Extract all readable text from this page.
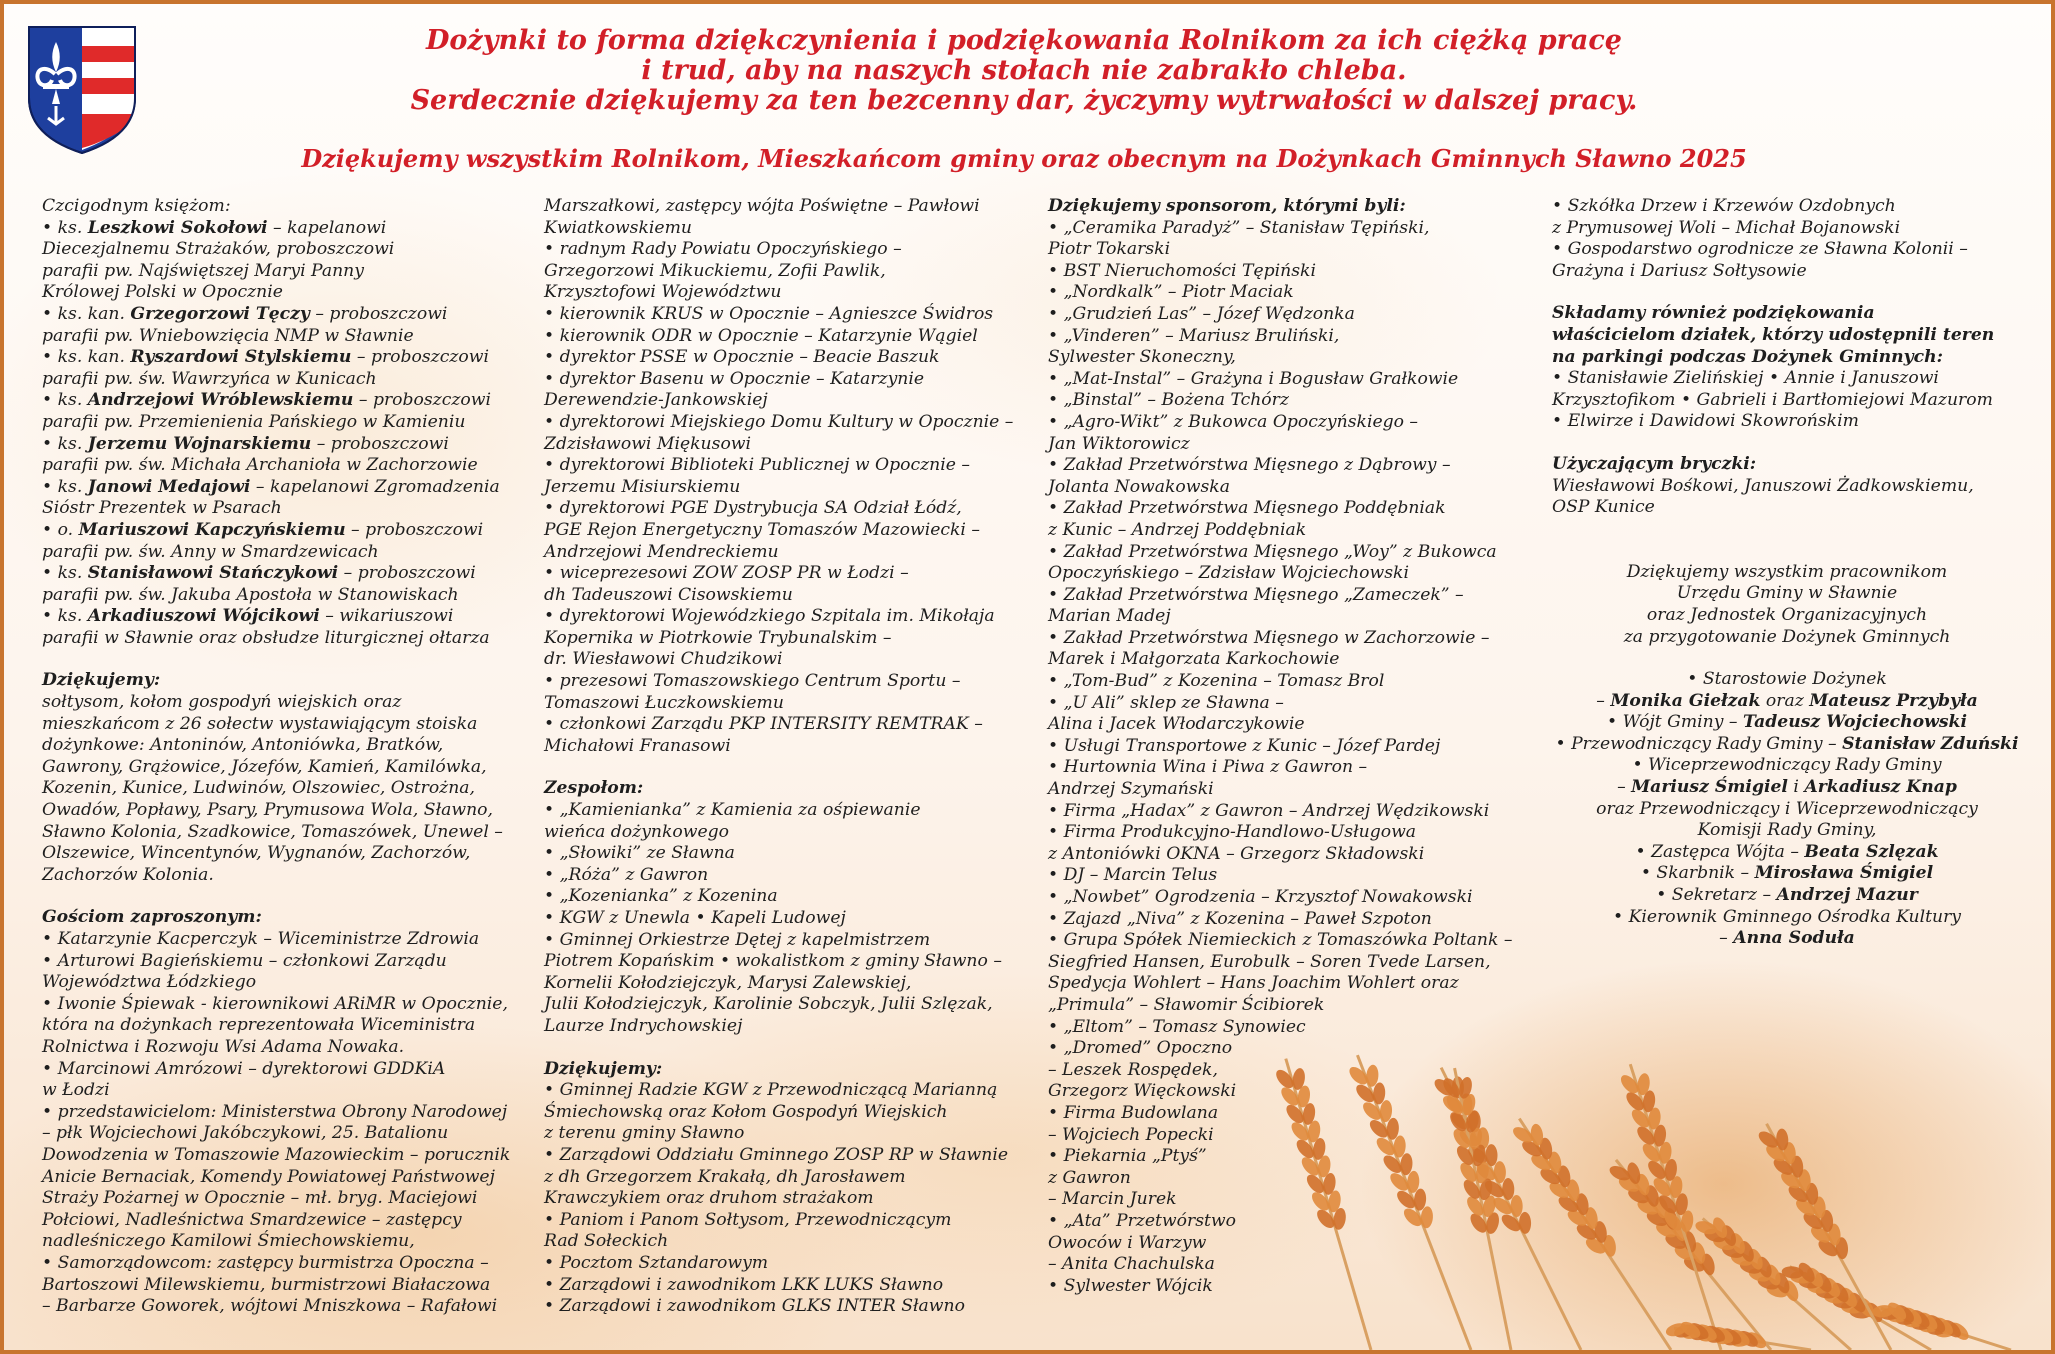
Dożynki to forma dziękczynienia i podziękowania Rolnikom za ich ciężką pracę
i trud, aby na naszych stołach nie zabrakło chleba.
Serdecznie dziękujemy za ten bezcenny dar, życzymy wytrwałości w dalszej pracy.
Dziękujemy wszystkim Rolnikom, Mieszkańcom gminy oraz obecnym na Dożynkach Gminnych Sławno 2025

Czcigodnym księżom:

• ks. Leszkowi Sokołowi – kapelanowi
Diecezjalnemu Strażaków, proboszczowi
parafii pw. Najświętszej Maryi Panny
Królowej Polski w Opocznie
• ks. kan. Grzegorzowi Tęczy – proboszczowi
parafii pw. Wniebowzięcia NMP w Sławnie
• ks. kan. Ryszardowi Stylskiemu – proboszczowi
parafii pw. św. Wawrzyńca w Kunicach
• ks. Andrzejowi Wróblewskiemu – proboszczowi
parafii pw. Przemienienia Pańskiego w Kamieniu
• ks. Jerzemu Wojnarskiemu – proboszczowi
parafii pw. św. Michała Archanioła w Zachorzowie
• ks. Janowi Medajowi – kapelanowi Zgromadzenia
Sióstr Prezentek w Psarach
• o. Mariuszowi Kapczyńskiemu – proboszczowi
parafii pw. św. Anny w Smardzewicach
• ks. Stanisławowi Stańczykowi – proboszczowi
parafii pw. św. Jakuba Apostoła w Stanowiskach
• ks. Arkadiuszowi Wójcikowi – wikariuszowi
parafii w Sławnie oraz obsłudze liturgicznej ołtarza

Dziękujemy:

sołtysom, kołom gospodyń wiejskich oraz
mieszkańcom z 26 sołectw wystawiającym stoiska
dożynkowe: Antoninów, Antoniówka, Bratków,
Gawrony, Grążowice, Józefów, Kamień, Kamilówka,
Kozenin, Kunice, Ludwinów, Olszowiec, Ostrożna,
Owadów, Popławy, Psary, Prymusowa Wola, Sławno,
Sławno Kolonia, Szadkowice, Tomaszówek, Unewel –
Olszewice, Wincentynów, Wygnanów, Zachorzów,
Zachorzów Kolonia.

Gościom zaproszonym:

• Katarzynie Kacperczyk – Wiceministrze Zdrowia
• Arturowi Bagieńskiemu – członkowi Zarządu
Województwa Łódzkiego
• Iwonie Śpiewak - kierownikowi ARiMR w Opocznie,
która na dożynkach reprezentowała Wiceministra
Rolnictwa i Rozwoju Wsi Adama Nowaka.
• Marcinowi Amrózowi – dyrektorowi GDDKiA
w Łodzi
• przedstawicielom: Ministerstwa Obrony Narodowej
– płk Wojciechowi Jakóbczykowi, 25. Batalionu
Dowodzenia w Tomaszowie Mazowieckim – porucznik
Anicie Bernaciak, Komendy Powiatowej Państwowej
Straży Pożarnej w Opocznie – mł. bryg. Maciejowi
Połciowi, Nadleśnictwa Smardzewice – zastępcy
nadleśniczego Kamilowi Śmiechowskiemu,
• Samorządowcom: zastępcy burmistrza Opoczna –
Bartoszowi Milewskiemu, burmistrzowi Białaczowa
– Barbarze Goworek, wójtowi Mniszkowa – Rafałowi
Marszałkowi, zastępcy wójta Poświętne – Pawłowi
Kwiatkowskiemu
• radnym Rady Powiatu Opoczyńskiego –
Grzegorzowi Mikuckiemu, Zofii Pawlik,
Krzysztofowi Województwu
• kierownik KRUS w Opocznie – Agnieszce Świdros
• kierownik ODR w Opocznie – Katarzynie Wągiel
• dyrektor PSSE w Opocznie – Beacie Baszuk
• dyrektor Basenu w Opocznie – Katarzynie
Derewendzie-Jankowskiej
• dyrektorowi Miejskiego Domu Kultury w Opocznie –
Zdzisławowi Miękusowi
• dyrektorowi Biblioteki Publicznej w Opocznie –
Jerzemu Misiurskiemu
• dyrektorowi PGE Dystrybucja SA Odział Łódź,
PGE Rejon Energetyczny Tomaszów Mazowiecki –
Andrzejowi Mendreckiemu
• wiceprezesowi ZOW ZOSP PR w Łodzi –
dh Tadeuszowi Cisowskiemu
• dyrektorowi Wojewódzkiego Szpitala im. Mikołaja
Kopernika w Piotrkowie Trybunalskim –
dr. Wiesławowi Chudzikowi
• prezesowi Tomaszowskiego Centrum Sportu –
Tomaszowi Łuczkowskiemu
• członkowi Zarządu PKP INTERSITY REMTRAK –
Michałowi Franasowi

Zespołom:

• „Kamienianka” z Kamienia za ośpiewanie
wieńca dożynkowego
• „Słowiki” ze Sławna
• „Róża” z Gawron
• „Kozenianka” z Kozenina
• KGW z Unewla • Kapeli Ludowej
• Gminnej Orkiestrze Dętej z kapelmistrzem
Piotrem Kopańskim • wokalistkom z gminy Sławno –
Kornelii Kołodziejczyk, Marysi Zalewskiej,
Julii Kołodziejczyk, Karolinie Sobczyk, Julii Szlęzak,
Laurze Indrychowskiej

Dziękujemy:

• Gminnej Radzie KGW z Przewodniczącą Marianną
Śmiechowską oraz Kołom Gospodyń Wiejskich
z terenu gminy Sławno
• Zarządowi Oddziału Gminnego ZOSP RP w Sławnie
z dh Grzegorzem Krakałą, dh Jarosławem
Krawczykiem oraz druhom strażakom
• Paniom i Panom Sołtysom, Przewodniczącym
Rad Sołeckich
• Pocztom Sztandarowym
• Zarządowi i zawodnikom LKK LUKS Sławno
• Zarządowi i zawodnikom GLKS INTER Sławno

Dziękujemy sponsorom, którymi byli:

• „Ceramika Paradyż” – Stanisław Tępiński,
Piotr Tokarski
• BST Nieruchomości Tępiński
• „Nordkalk” – Piotr Maciak
• „Grudzień Las” – Józef Wędzonka
• „Vinderen” – Mariusz Bruliński,
Sylwester Skoneczny,
• „Mat-Instal” – Grażyna i Bogusław Grałkowie
• „Binstal” – Bożena Tchórz
• „Agro-Wikt” z Bukowca Opoczyńskiego –
Jan Wiktorowicz
• Zakład Przetwórstwa Mięsnego z Dąbrowy –
Jolanta Nowakowska
• Zakład Przetwórstwa Mięsnego Poddębniak
z Kunic – Andrzej Poddębniak
• Zakład Przetwórstwa Mięsnego „Woy” z Bukowca
Opoczyńskiego – Zdzisław Wojciechowski
• Zakład Przetwórstwa Mięsnego „Zameczek” –
Marian Madej
• Zakład Przetwórstwa Mięsnego w Zachorzowie –
Marek i Małgorzata Karkochowie
• „Tom-Bud” z Kozenina – Tomasz Brol
• „U Ali” sklep ze Sławna –
Alina i Jacek Włodarczykowie
• Usługi Transportowe z Kunic – Józef Pardej
• Hurtownia Wina i Piwa z Gawron –
Andrzej Szymański
• Firma „Hadax” z Gawron – Andrzej Wędzikowski
• Firma Produkcyjno-Handlowo-Usługowa
z Antoniówki OKNA – Grzegorz Składowski
• DJ – Marcin Telus
• „Nowbet” Ogrodzenia – Krzysztof Nowakowski
• Zajazd „Niva” z Kozenina – Paweł Szpoton
• Grupa Spółek Niemieckich z Tomaszówka Poltank –
Siegfried Hansen, Eurobulk – Soren Tvede Larsen,
Spedycja Wohlert – Hans Joachim Wohlert oraz
„Primula” – Sławomir Ścibiorek
• „Eltom” – Tomasz Synowiec
• „Dromed” Opoczno
– Leszek Rospędek,
Grzegorz Więckowski
• Firma Budowlana
– Wojciech Popecki
• Piekarnia „Ptyś”
z Gawron
– Marcin Jurek
• „Ata” Przetwórstwo
Owoców i Warzyw
– Anita Chachulska
• Sylwester Wójcik
• Szkółka Drzew i Krzewów Ozdobnych
z Prymusowej Woli – Michał Bojanowski
• Gospodarstwo ogrodnicze ze Sławna Kolonii –
Grażyna i Dariusz Sołtysowie
Składamy również podziękowania
właścicielom działek, którzy udostępnili teren
na parkingi podczas Dożynek Gminnych:
• Stanisławie Zielińskiej • Annie i Januszowi
Krzysztofikom • Gabrieli i Bartłomiejowi Mazurom
• Elwirze i Dawidowi Skowrońskim

Użyczającym bryczki:

Wiesławowi Bośkowi, Januszowi Żadkowskiemu,
OSP Kunice
Dziękujemy wszystkim pracownikom
Urzędu Gminy w Sławnie
oraz Jednostek Organizacyjnych
za przygotowanie Dożynek Gminnych
• Starostowie Dożynek
– Monika Giełzak oraz Mateusz Przybyła
• Wójt Gminy – Tadeusz Wojciechowski
• Przewodniczący Rady Gminy – Stanisław Zduński
• Wiceprzewodniczący Rady Gminy
– Mariusz Śmigiel i Arkadiusz Knap
oraz Przewodniczący i Wiceprzewodniczący
Komisji Rady Gminy,
• Zastępca Wójta – Beata Szlęzak
• Skarbnik – Mirosława Śmigiel
• Sekretarz – Andrzej Mazur
• Kierownik Gminnego Ośrodka Kultury
– Anna Soduła
